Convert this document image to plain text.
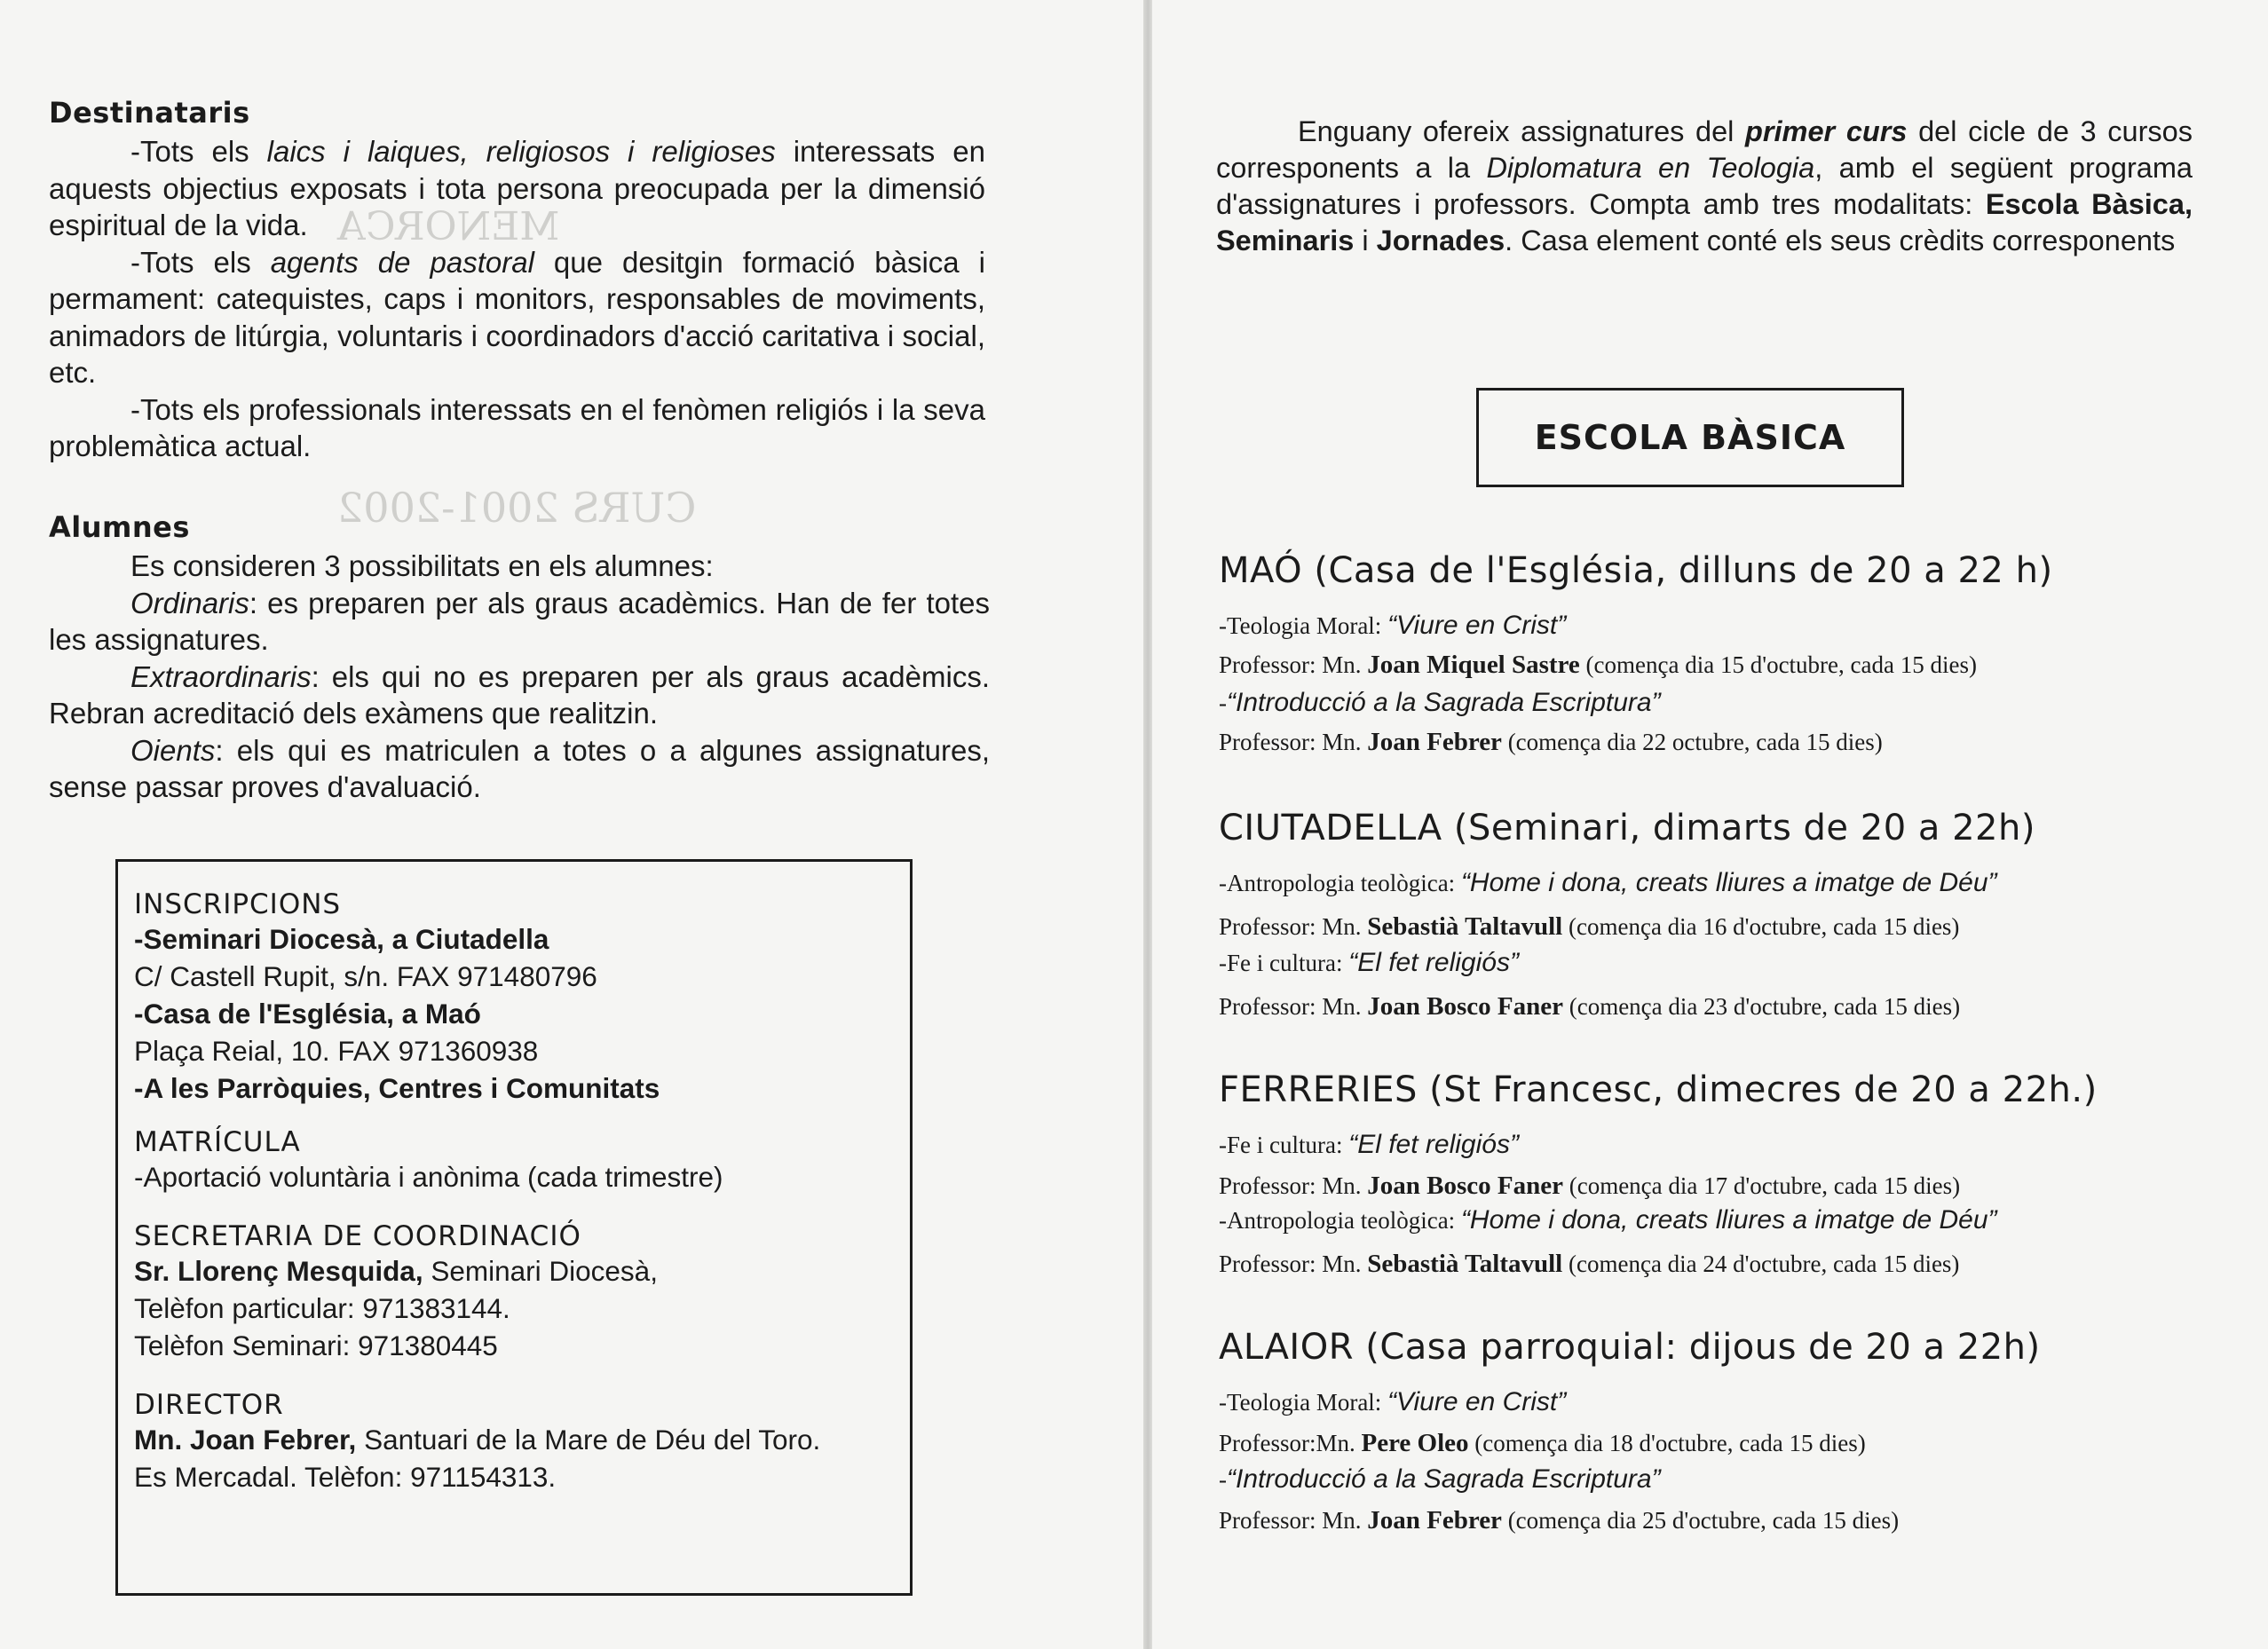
MENORCA
CURS 2001-2002

Destinataris

-Tots els laics i laiques, religiosos i religioses interessats en aquests objectius exposats i tota persona preocupada per la dimensió espiritual de la vida.

-Tots els agents de pastoral que desitgin formació bàsica i permament: catequistes, caps i monitors, responsables de moviments, animadors de litúrgia, voluntaris i coordinadors d'acció caritativa i social, etc.

-Tots els professionals interessats en el fenòmen religiós i la seva problemàtica actual.

Alumnes

Es consideren 3 possibilitats en els alumnes:

Ordinaris: es preparen per als graus acadèmics. Han de fer totes les assignatures.

Extraordinaris: els qui no es preparen per als graus acadèmics. Rebran acreditació dels exàmens que realitzin.

Oients: els qui es matriculen a totes o a algunes assignatures, sense passar proves d'avaluació.

INSCRIPCIONS

-Seminari Diocesà, a Ciutadella

C/ Castell Rupit, s/n. FAX 971480796

-Casa de l'Església, a Maó

Plaça Reial, 10. FAX 971360938

-A les Parròquies, Centres i Comunitats

MATRÍCULA

-Aportació voluntària i anònima (cada trimestre)

SECRETARIA DE COORDINACIÓ

Sr. Llorenç Mesquida, Seminari Diocesà,

Telèfon particular: 971383144.

Telèfon Seminari: 971380445

DIRECTOR

Mn. Joan Febrer, Santuari de la Mare de Déu del Toro.

Es Mercadal. Telèfon: 971154313.

Enguany ofereix assignatures del primer curs del cicle de 3 cursos corresponents a la Diplomatura en Teologia, amb el següent programa d'assignatures i professors. Compta amb tres modalitats: Escola Bàsica, Seminaris i Jornades. Casa element conté els seus crèdits corresponents

ESCOLA BÀSICA
MAÓ (Casa de l'Església, dilluns de 20 a 22 h)
-Teologia Moral: “Viure en Crist”
Professor: Mn. Joan Miquel Sastre (comença dia 15 d'octubre, cada 15 dies)
-“Introducció a la Sagrada Escriptura”
Professor: Mn. Joan Febrer (comença dia 22 octubre, cada 15 dies)
CIUTADELLA (Seminari, dimarts de 20 a 22h)
-Antropologia teològica: “Home i dona, creats lliures a imatge de Déu”
Professor: Mn. Sebastià Taltavull (comença dia 16 d'octubre, cada 15 dies)
-Fe i cultura: “El fet religiós”
Professor: Mn. Joan Bosco Faner (comença dia 23 d'octubre, cada 15 dies)
FERRERIES (St Francesc, dimecres de 20 a 22h.)
-Fe i cultura: “El fet religiós”
Professor: Mn. Joan Bosco Faner (comença dia 17 d'octubre, cada 15 dies)
-Antropologia teològica: “Home i dona, creats lliures a imatge de Déu”
Professor: Mn. Sebastià Taltavull (comença dia 24 d'octubre, cada 15 dies)
ALAIOR (Casa parroquial: dijous de 20 a 22h)
-Teologia Moral: “Viure en Crist”
Professor:Mn. Pere Oleo (comença dia 18 d'octubre, cada 15 dies)
-“Introducció a la Sagrada Escriptura”
Professor: Mn. Joan Febrer (comença dia 25 d'octubre, cada 15 dies)
